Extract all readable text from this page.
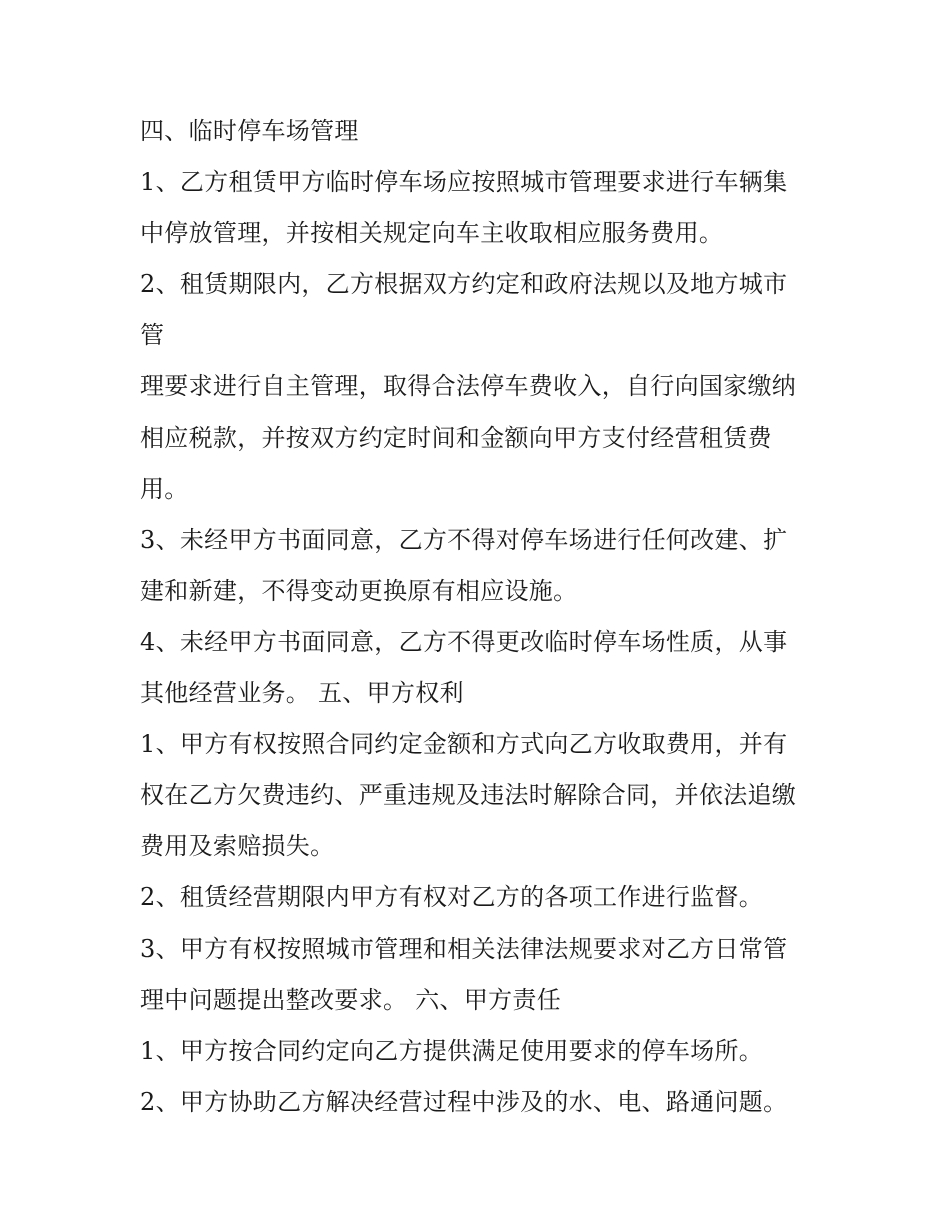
四、临时停车场管理
1、乙方租赁甲方临时停车场应按照城市管理要求进行车辆集
中停放管理，并按相关规定向车主收取相应服务费用。
2、租赁期限内，乙方根据双方约定和政府法规以及地方城市
管
理要求进行自主管理，取得合法停车费收入，自行向国家缴纳
相应税款，并按双方约定时间和金额向甲方支付经营租赁费
用。
3、未经甲方书面同意，乙方不得对停车场进行任何改建、扩
建和新建，不得变动更换原有相应设施。
4、未经甲方书面同意，乙方不得更改临时停车场性质，从事
其他经营业务。 五、甲方权利
1、甲方有权按照合同约定金额和方式向乙方收取费用，并有
权在乙方欠费违约、严重违规及违法时解除合同，并依法追缴
费用及索赔损失。
2、租赁经营期限内甲方有权对乙方的各项工作进行监督。
3、甲方有权按照城市管理和相关法律法规要求对乙方日常管
理中问题提出整改要求。 六、甲方责任
1、甲方按合同约定向乙方提供满足使用要求的停车场所。
2、甲方协助乙方解决经营过程中涉及的水、电、路通问题。
